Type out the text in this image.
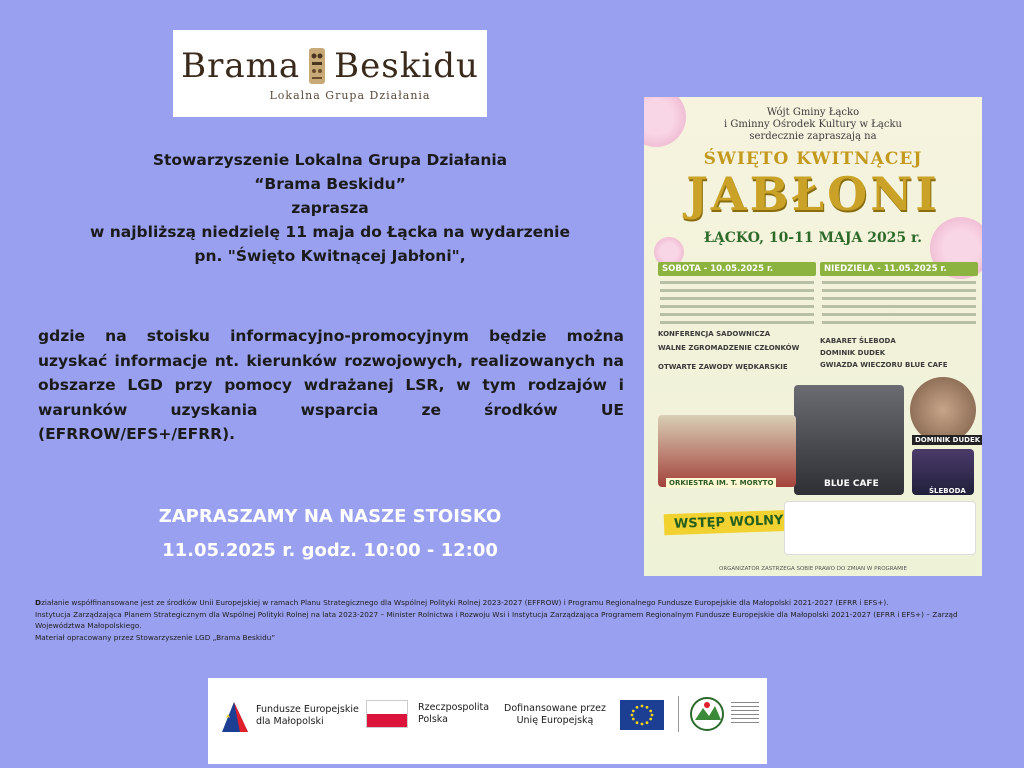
Brama Beskidu
Lokalna Grupa Działania
Stowarzyszenie Lokalna Grupa Działania
“Brama Beskidu”
zaprasza
w najbliższą niedzielę 11 maja do Łącka na wydarzenie
pn. "Święto Kwitnącej Jabłoni",
gdzie na stoisku informacyjno-promocyjnym będzie można uzyskać informacje nt. kierunków rozwojowych, realizowanych na obszarze LGD przy pomocy wdrażanej LSR, w tym rodzajów i warunków uzyskania wsparcia ze środków UE (EFRROW/EFS+/EFRR).
ZAPRASZAMY NA NASZE STOISKO
11.05.2025 r. godz. 10:00 - 12:00
Wójt Gminy Łącko
i Gminny Ośrodek Kultury w Łącku
serdecznie zapraszają na
ŚWIĘTO KWITNĄCEJ
JABŁONI
ŁĄCKO, 10-11 MAJA 2025 r.
SOBOTA - 10.05.2025 r.	NIEDZIELA - 11.05.2025 r.
KONFERENCJA SADOWNICZA
WALNE ZGROMADZENIE CZŁONKÓW
OTWARTE ZAWODY WĘDKARSKIE
KABARET ŚLEBODA
DOMINIK DUDEK
GWIAZDA WIECZORU BLUE CAFE
BLUE CAFE
DOMINIK DUDEK
ŚLEBODA
ORKIESTRA IM. T. MORYTO
WSTĘP WOLNY
ORGANIZATOR ZASTRZEGA SOBIE PRAWO DO ZMIAN W PROGRAMIE
Działanie współfinansowane jest ze środków Unii Europejskiej w ramach Planu Strategicznego dla Wspólnej Polityki Rolnej 2023-2027 (EFFROW) i Programu Regionalnego Fundusze Europejskie dla Małopolski 2021-2027 (EFRR i EFS+).
Instytucja Zarządzająca Planem Strategicznym dla Wspólnej Polityki Rolnej na lata 2023-2027 – Minister Rolnictwa i Rozwoju Wsi i Instytucja Zarządzająca Programem Regionalnym Fundusze Europejskie dla Małopolski 2021-2027 (EFRR i EFS+) – Zarząd Województwa Małopolskiego.
Materiał opracowany przez Stowarzyszenie LGD „Brama Beskidu”
Fundusze Europejskie
dla Małopolski
Rzeczpospolita
Polska
Dofinansowane przez
Unię Europejską
